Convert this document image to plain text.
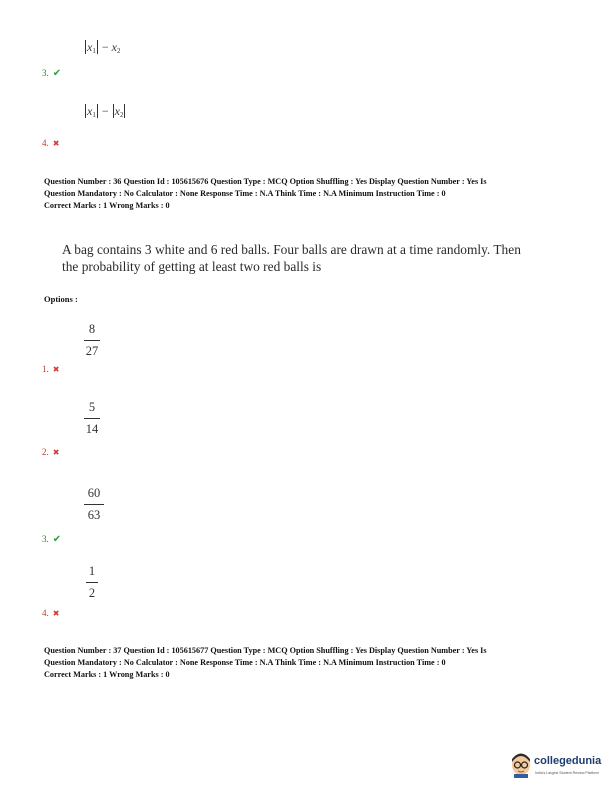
$x_1 - x_2$
3. ✔
$x_1 - x_2$
4. ✖
Question Number : 36 Question Id : 105615676 Question Type : MCQ Option Shuffling : Yes Display Question Number : Yes Is
Question Mandatory : No Calculator : None Response Time : N.A Think Time : N.A Minimum Instruction Time : 0
Correct Marks : 1 Wrong Marks : 0
A bag contains 3 white and 6 red balls. Four balls are drawn at a time randomly. Then
the probability of getting at least two red balls is
Options :
8
27
1. ✖
5
14
2. ✖
60
63
3. ✔
1
2
4. ✖
Question Number : 37 Question Id : 105615677 Question Type : MCQ Option Shuffling : Yes Display Question Number : Yes Is
Question Mandatory : No Calculator : None Response Time : N.A Think Time : N.A Minimum Instruction Time : 0
Correct Marks : 1 Wrong Marks : 0
collegedunia
India's Largest Student Review Platform
